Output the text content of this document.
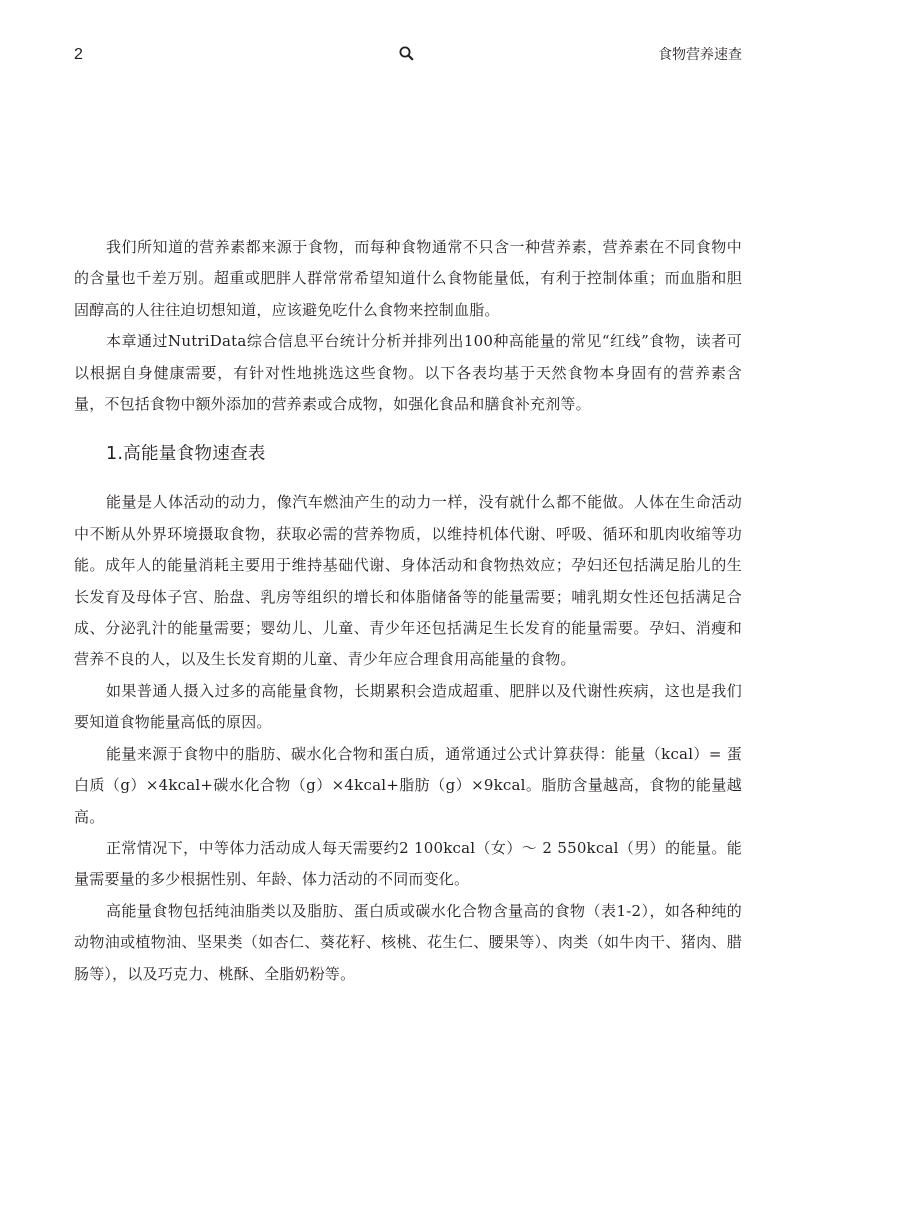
2	食物营养速查

我们所知道的营养素都来源于食物，而每种食物通常不只含一种营养素，营养素在不同食物中的含量也千差万别。超重或肥胖人群常常希望知道什么食物能量低，有利于控制体重；而血脂和胆固醇高的人往往迫切想知道，应该避免吃什么食物来控制血脂。

本章通过NutriData综合信息平台统计分析并排列出100种高能量的常见“红线”食物，读者可以根据自身健康需要，有针对性地挑选这些食物。以下各表均基于天然食物本身固有的营养素含量，不包括食物中额外添加的营养素或合成物，如强化食品和膳食补充剂等。

1.高能量食物速查表

能量是人体活动的动力，像汽车燃油产生的动力一样，没有就什么都不能做。人体在生命活动中不断从外界环境摄取食物，获取必需的营养物质，以维持机体代谢、呼吸、循环和肌肉收缩等功能。成年人的能量消耗主要用于维持基础代谢、身体活动和食物热效应；孕妇还包括满足胎儿的生长发育及母体子宫、胎盘、乳房等组织的增长和体脂储备等的能量需要；哺乳期女性还包括满足合成、分泌乳汁的能量需要；婴幼儿、儿童、青少年还包括满足生长发育的能量需要。孕妇、消瘦和营养不良的人，以及生长发育期的儿童、青少年应合理食用高能量的食物。

如果普通人摄入过多的高能量食物，长期累积会造成超重、肥胖以及代谢性疾病，这也是我们要知道食物能量高低的原因。

能量来源于食物中的脂肪、碳水化合物和蛋白质，通常通过公式计算获得：能量（kcal）= 蛋白质（g）×4kcal+碳水化合物（g）×4kcal+脂肪（g）×9kcal。脂肪含量越高，食物的能量越高。

正常情况下，中等体力活动成人每天需要约2 100kcal（女）～ 2 550kcal（男）的能量。能量需要量的多少根据性别、年龄、体力活动的不同而变化。

高能量食物包括纯油脂类以及脂肪、蛋白质或碳水化合物含量高的食物（表1-2），如各种纯的动物油或植物油、坚果类（如杏仁、葵花籽、核桃、花生仁、腰果等）、肉类（如牛肉干、猪肉、腊肠等），以及巧克力、桃酥、全脂奶粉等。
